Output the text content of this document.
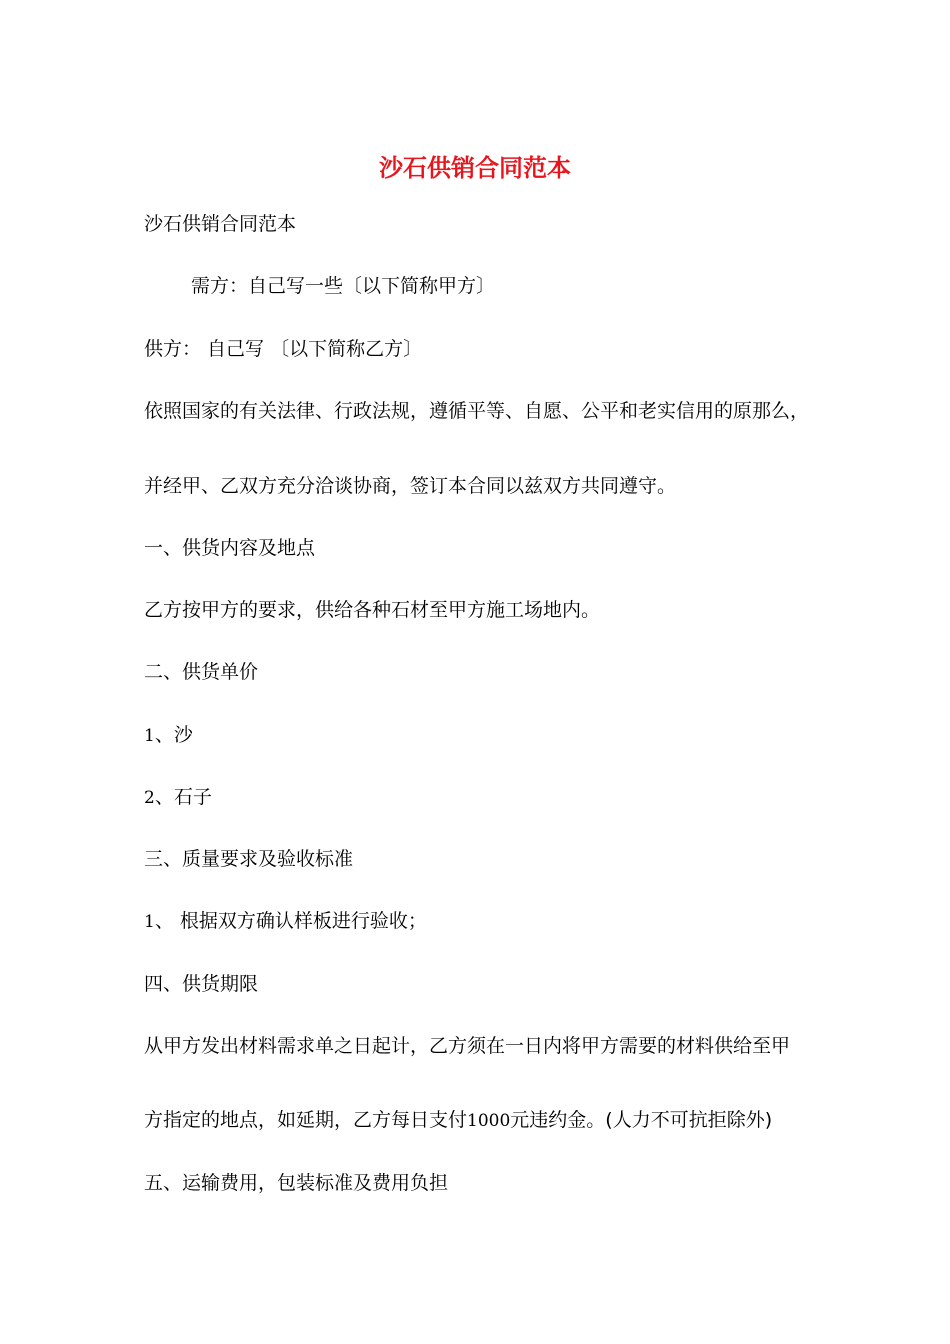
沙石供销合同范本

沙石供销合同范本

需方：自己写一些〔以下简称甲方〕

供方： 自己写 〔以下简称乙方〕

依照国家的有关法律、行政法规，遵循平等、自愿、公平和老实信用的原那么，

并经甲、乙双方充分洽谈协商，签订本合同以兹双方共同遵守。

一、供货内容及地点

乙方按甲方的要求，供给各种石材至甲方施工场地内。

二、供货单价

1、沙

2、石子

三、质量要求及验收标准

1、 根据双方确认样板进行验收；

四、供货期限

从甲方发出材料需求单之日起计，乙方须在一日内将甲方需要的材料供给至甲

方指定的地点，如延期，乙方每日支付1000元违约金。(人力不可抗拒除外)

五、运输费用，包装标准及费用负担
